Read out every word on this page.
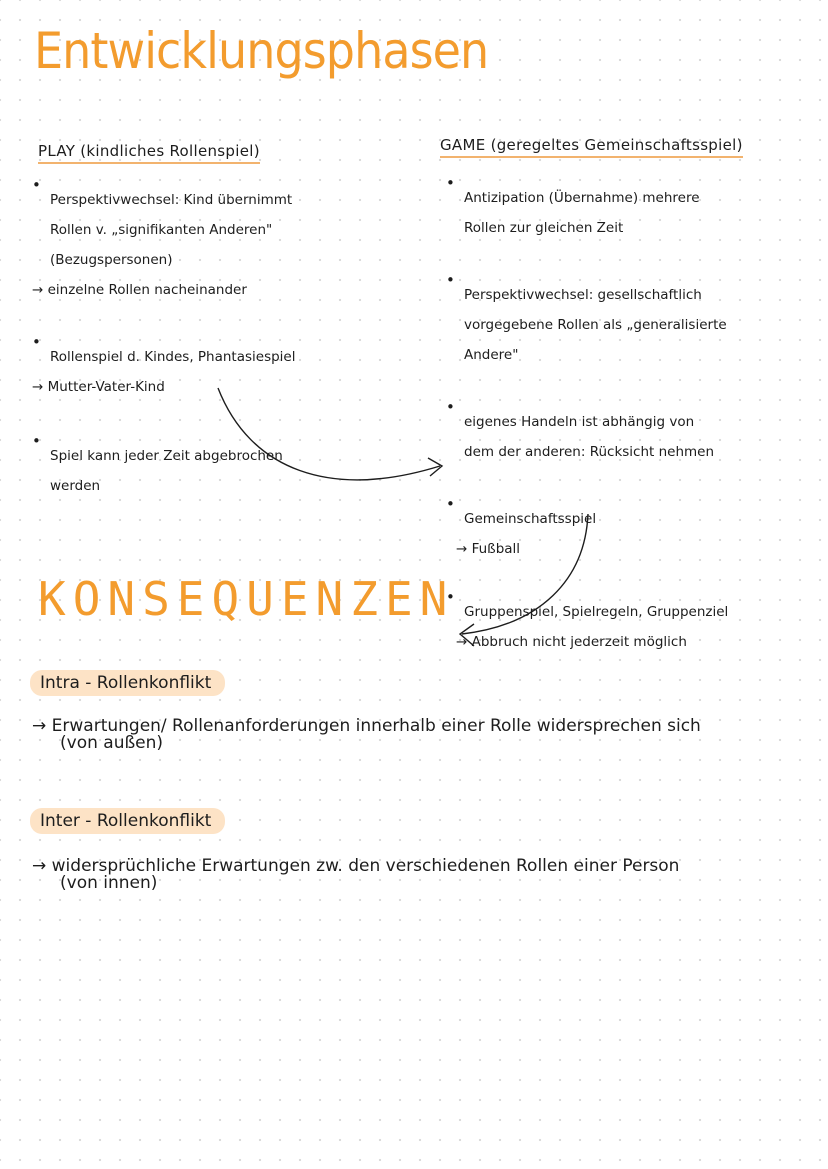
Entwicklungsphasen
PLAY (kindliches Rollenspiel)

• Perspektivwechsel: Kind übernimmt

Rollen v. „signifikanten Anderen"

(Bezugspersonen)

→ einzelne Rollen nacheinander

• Rollenspiel d. Kindes, Phantasiespiel

→ Mutter-Vater-Kind

• Spiel kann jeder Zeit abgebrochen

werden

GAME (geregeltes Gemeinschaftsspiel)

• Antizipation (Übernahme) mehrere

Rollen zur gleichen Zeit

• Perspektivwechsel: gesellschaftlich

vorgegebene Rollen als „generalisierte

Andere"

• eigenes Handeln ist abhängig von

dem der anderen: Rücksicht nehmen

• Gemeinschaftsspiel

→ Fußball

• Gruppenspiel, Spielregeln, Gruppenziel

→ Abbruch nicht jederzeit möglich

KONSEQUENZEN
Intra - Rollenkonflikt
→ Erwartungen/ Rollenanforderungen innerhalb einer Rolle widersprechen sich
(von außen)
Inter - Rollenkonflikt
→ widersprüchliche Erwartungen zw. den verschiedenen Rollen einer Person
(von innen)
